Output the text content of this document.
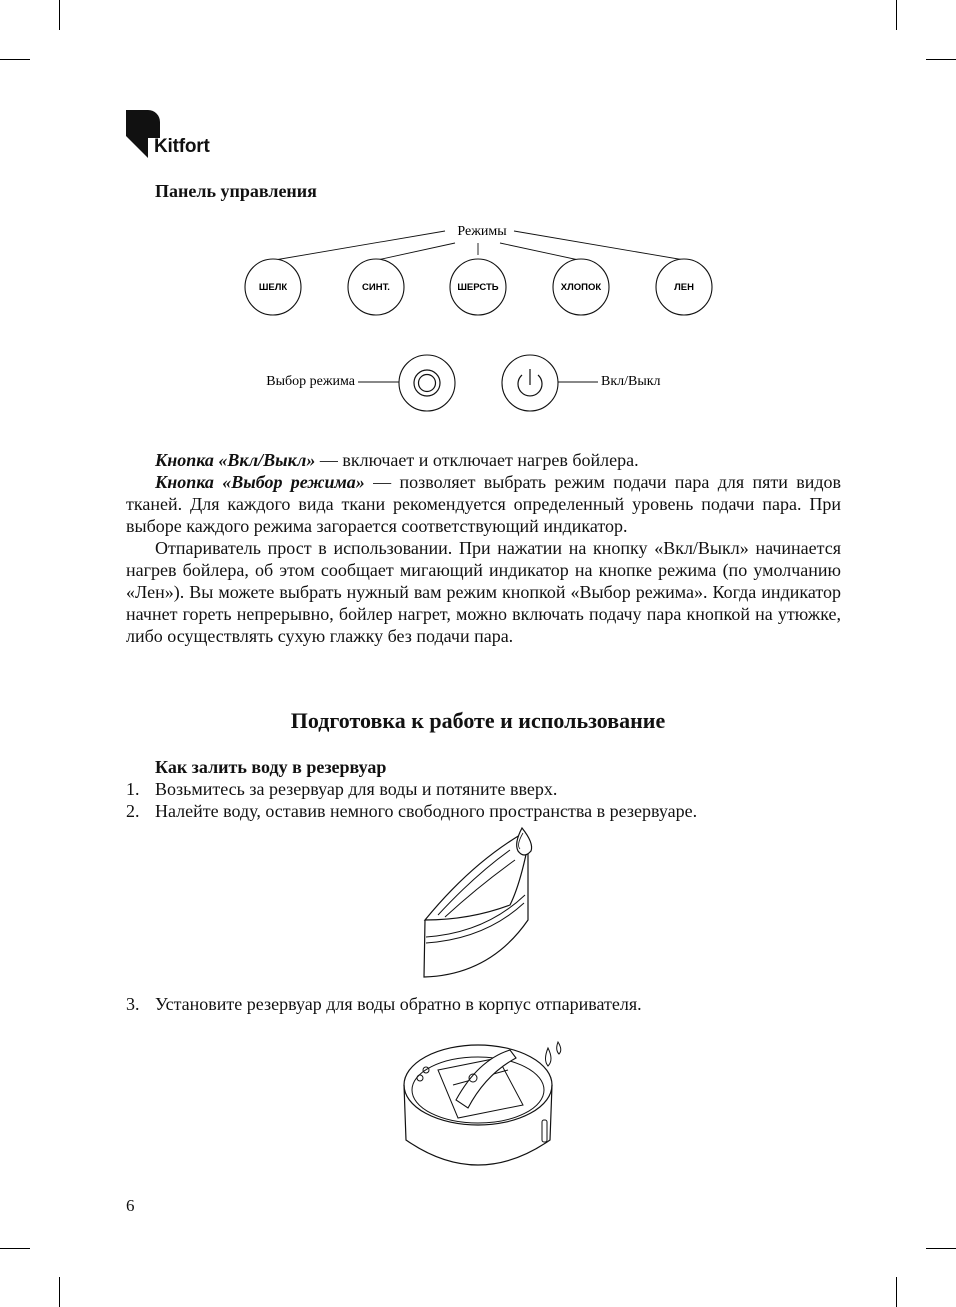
Kitfort
Панель управления
Режимы
ШЕЛК	СИНТ.	ШЕРСТЬ	ХЛОПОК	ЛЕН
Выбор режима	Вкл/Выкл

Кнопка «Вкл/Выкл» — включает и отключает нагрев бойлера.

Кнопка «Выбор режима» — позволяет выбрать режим подачи пара для пяти видов тканей. Для каждого вида ткани рекомендуется определенный уровень подачи пара. При выборе каждого режима загорается соответствующий индикатор.

Отпариватель прост в использовании. При нажатии на кнопку «Вкл/Выкл» начинается нагрев бойлера, об этом сообщает мигающий индикатор на кнопке режима (по умолчанию «Лен»). Вы можете выбрать нужный вам режим кнопкой «Выбор режима». Когда индикатор начнет гореть непрерывно, бойлер нагрет, можно включать подачу пара кнопкой на утюжке, либо осуществлять сухую глажку без подачи пара.

Подготовка к работе и использование
Как залить воду в резервуар
1. Возьмитесь за резервуар для воды и потяните вверх.
2. Налейте воду, оставив немного свободного пространства в резервуаре.
3. Установите резервуар для воды обратно в корпус отпаривателя.
6
